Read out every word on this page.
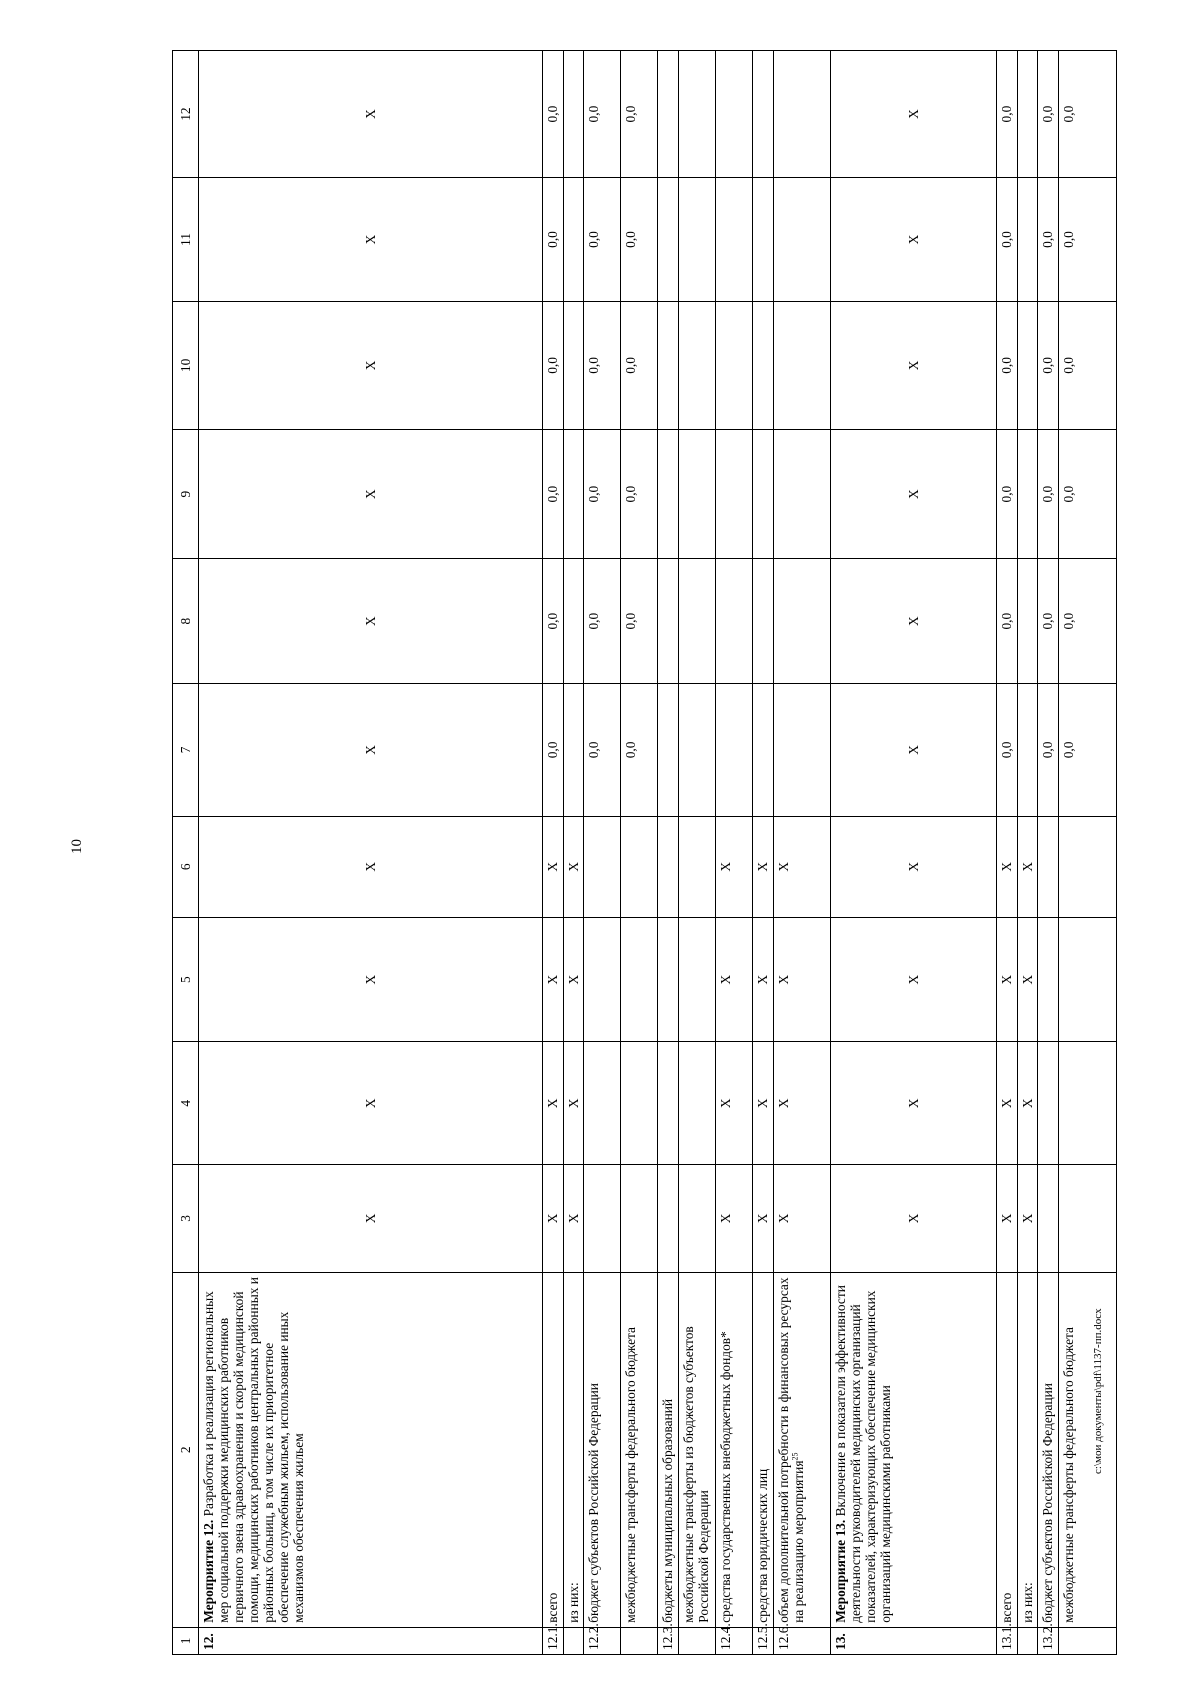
10
1	2	3	4	5	6	7	8	9	10	11	12
12.	Мероприятие 12. Разработка и реализация региональных мер социальной поддержки медицинских работников первичного звена здравоохранения и скорой медицинской помощи, медицинских работников центральных районных и районных больниц, в том числе их приоритетное обеспечение служебным жильем, использование иных механизмов обеспечения жильем	Х	Х	Х	Х	Х	Х	Х	Х	Х	Х
12.1.	всего	Х	Х	Х	Х	0,0	0,0	0,0	0,0	0,0	0,0
	из них:	Х	Х	Х	Х						
12.2.	бюджет субъектов Российской Федерации					0,0	0,0	0,0	0,0	0,0	0,0
	межбюджетные трансферты федерального бюджета					0,0	0,0	0,0	0,0	0,0	0,0
12.3.	бюджеты муниципальных образований										
	межбюджетные трансферты из бюджетов субъектов Российской Федерации										
12.4.	средства государственных внебюджетных фондов*	Х	Х	Х	Х						
12.5.	средства юридических лиц	Х	Х	Х	Х						
12.6.	объем дополнительной потребности в финансовых ресурсах на реализацию мероприятия$^{25}$	Х	Х	Х	Х						
13.	Мероприятие 13. Включение в показатели эффективности деятельности руководителей медицинских организаций показателей, характеризующих обеспечение медицинских организаций медицинскими работниками	Х	Х	Х	Х	Х	Х	Х	Х	Х	Х
13.1.	всего	Х	Х	Х	Х	0,0	0,0	0,0	0,0	0,0	0,0
	из них:	Х	Х	Х	Х						
13.2.	бюджет субъектов Российской Федерации					0,0	0,0	0,0	0,0	0,0	0,0
	межбюджетные трансферты федерального бюджета					0,0	0,0	0,0	0,0	0,0	0,0
c:\мои документы\pdf\1137-пп.docx
